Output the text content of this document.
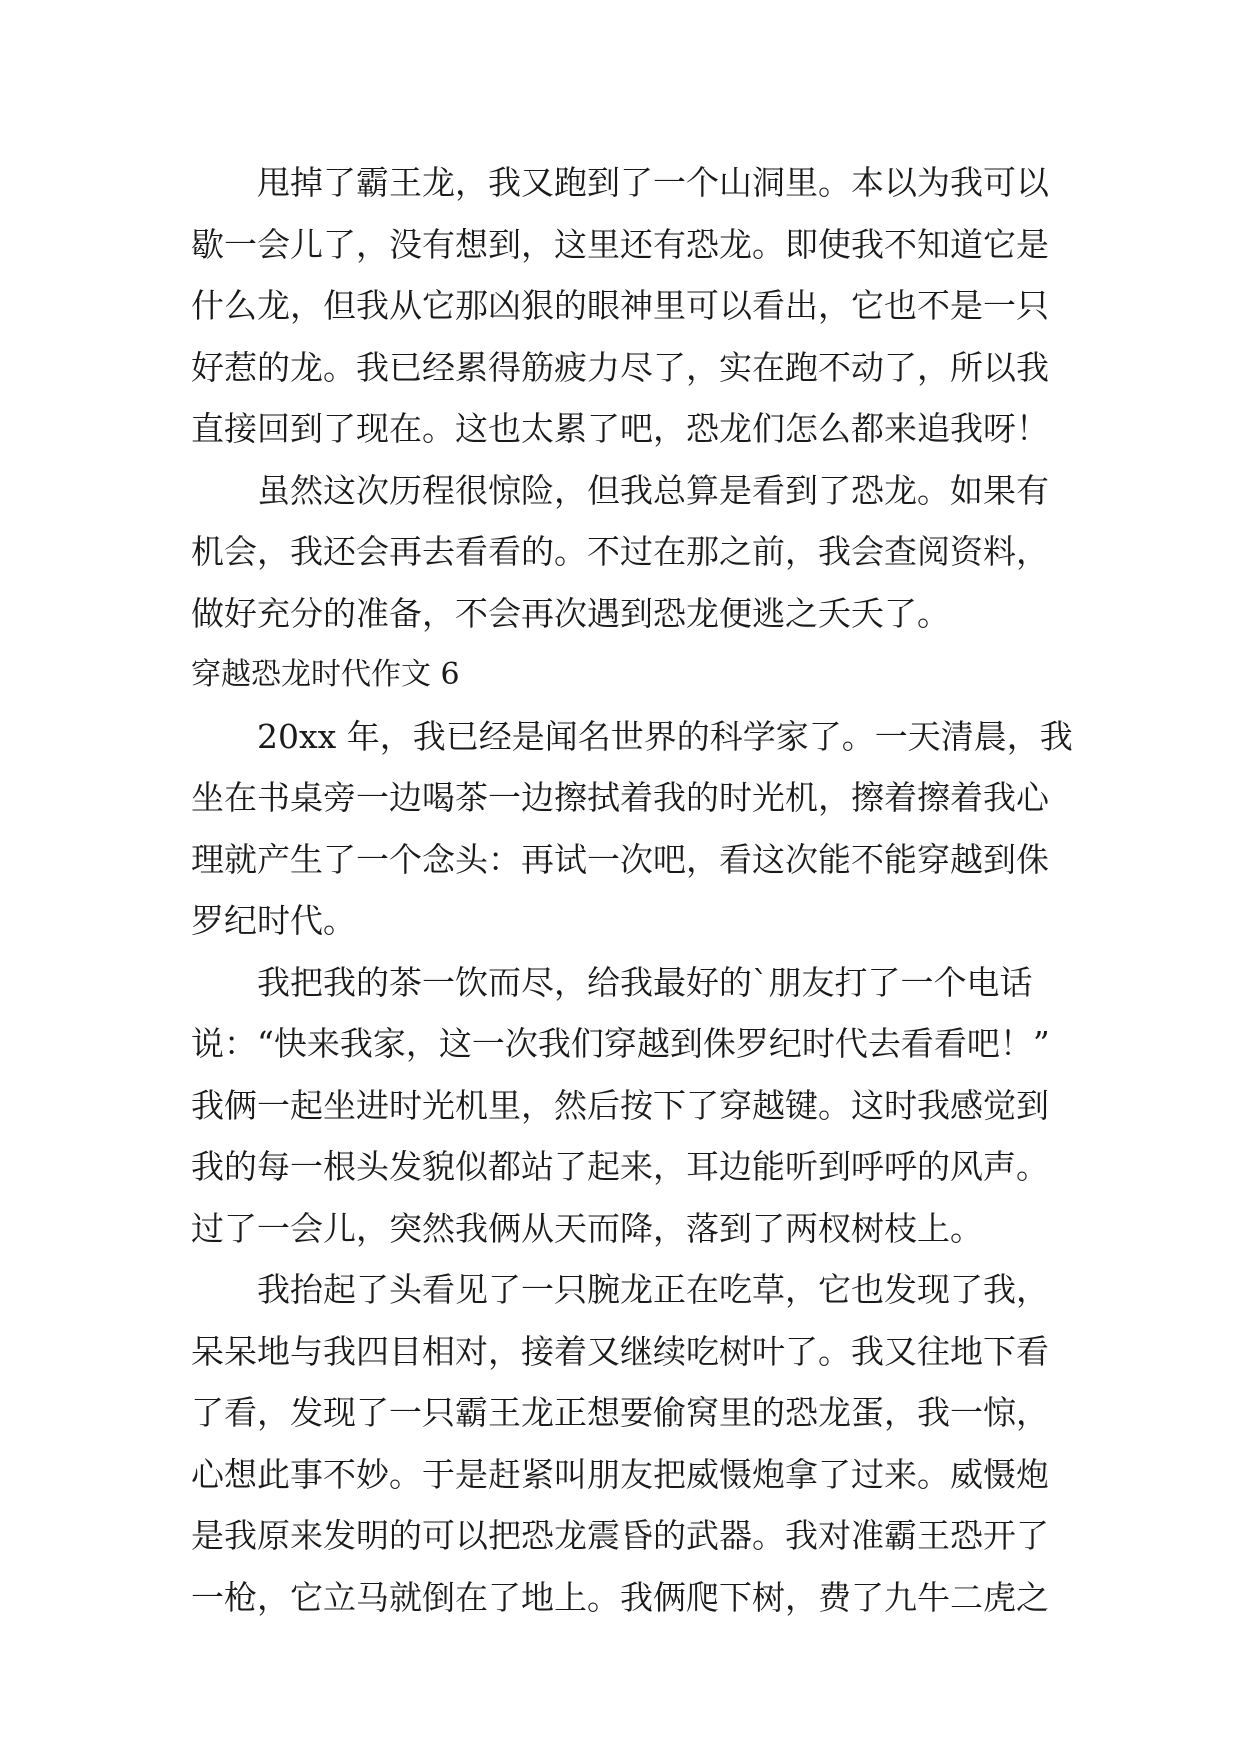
甩掉了霸王龙，我又跑到了一个山洞里。本以为我可以
歇一会儿了，没有想到，这里还有恐龙。即使我不知道它是
什么龙，但我从它那凶狠的眼神里可以看出，它也不是一只
好惹的龙。我已经累得筋疲力尽了，实在跑不动了，所以我
直接回到了现在。这也太累了吧，恐龙们怎么都来追我呀！
虽然这次历程很惊险，但我总算是看到了恐龙。如果有
机会，我还会再去看看的。不过在那之前，我会查阅资料，
做好充分的准备，不会再次遇到恐龙便逃之夭夭了。
穿越恐龙时代作文 6
20xx 年，我已经是闻名世界的科学家了。一天清晨，我
坐在书桌旁一边喝茶一边擦拭着我的时光机，擦着擦着我心
理就产生了一个念头：再试一次吧，看这次能不能穿越到侏
罗纪时代。
我把我的茶一饮而尽，给我最好的`朋友打了一个电话
说：“快来我家，这一次我们穿越到侏罗纪时代去看看吧！”
我俩一起坐进时光机里，然后按下了穿越键。这时我感觉到
我的每一根头发貌似都站了起来，耳边能听到呼呼的风声。
过了一会儿，突然我俩从天而降，落到了两杈树枝上。
我抬起了头看见了一只腕龙正在吃草，它也发现了我，
呆呆地与我四目相对，接着又继续吃树叶了。我又往地下看
了看，发现了一只霸王龙正想要偷窝里的恐龙蛋，我一惊，
心想此事不妙。于是赶紧叫朋友把威慑炮拿了过来。威慑炮
是我原来发明的可以把恐龙震昏的武器。我对准霸王恐开了
一枪，它立马就倒在了地上。我俩爬下树，费了九牛二虎之
